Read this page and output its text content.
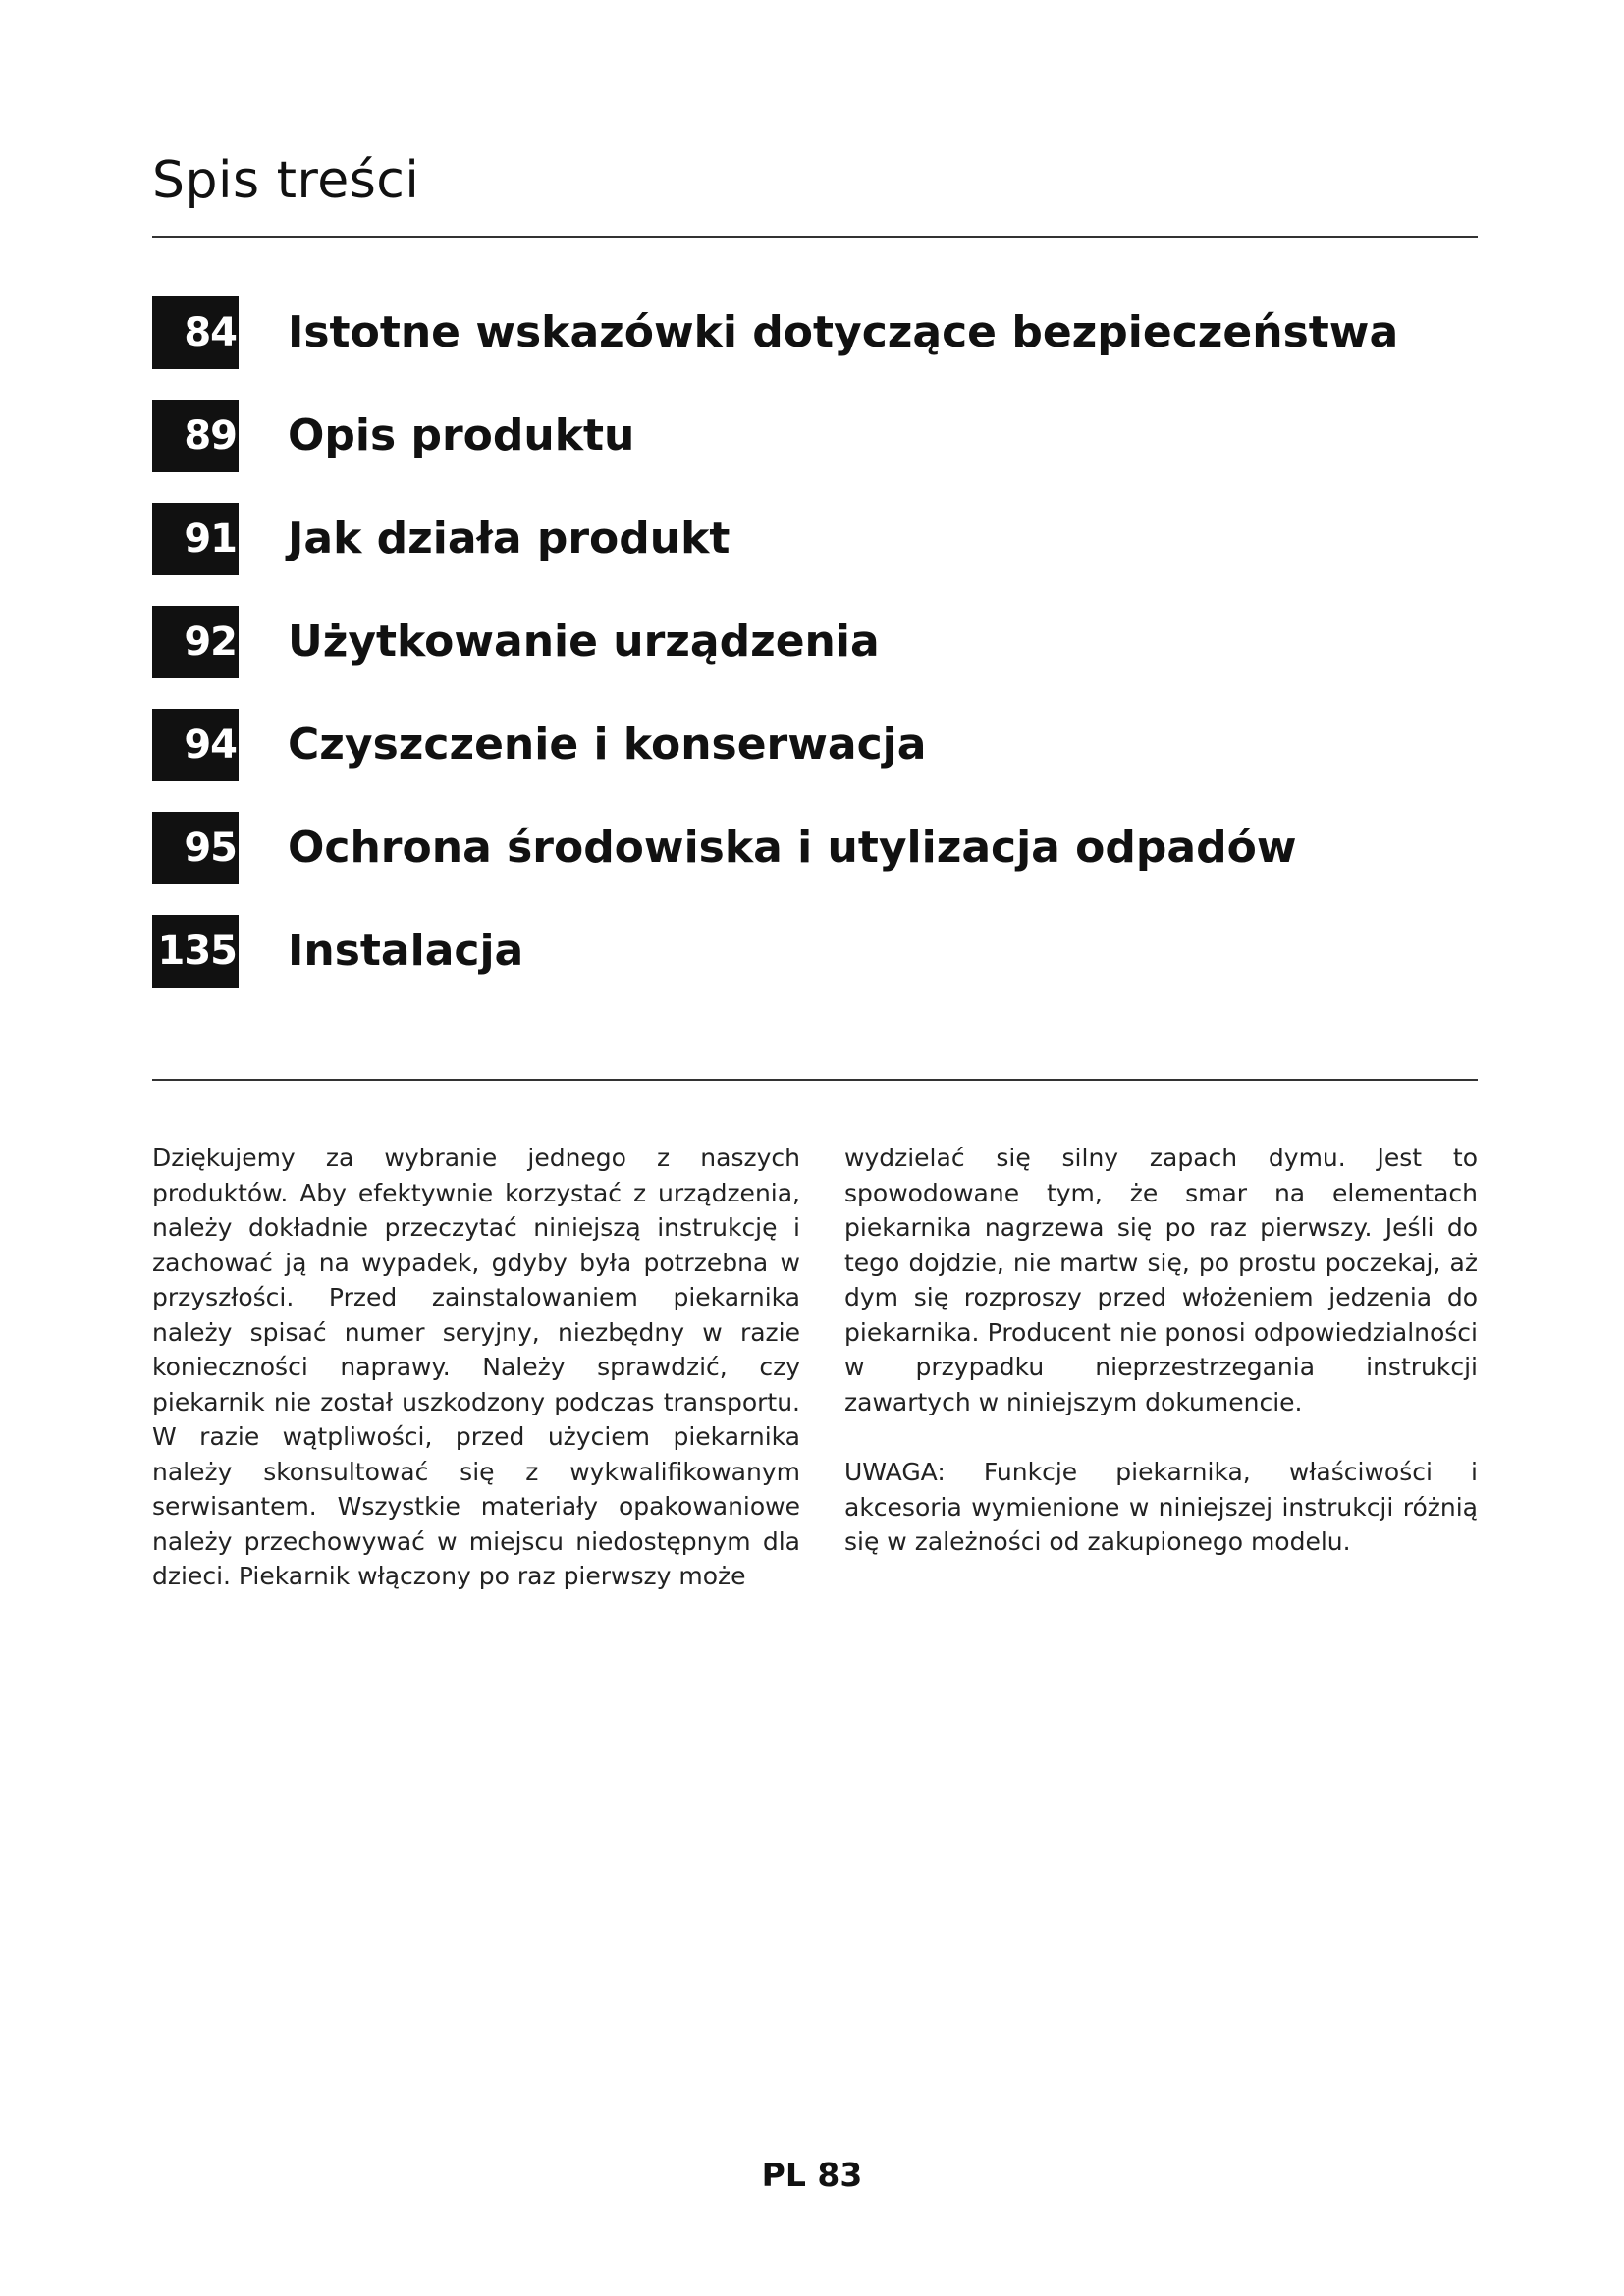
Spis treści
84 Istotne wskazówki dotyczące bezpieczeństwa
89 Opis produktu
91 Jak działa produkt
92 Użytkowanie urządzenia
94 Czyszczenie i konserwacja
95 Ochrona środowiska i utylizacja odpadów
135 Instalacja

Dziękujemy za wybranie jednego z naszych produktów. Aby efektywnie korzystać z urządzenia, należy dokładnie przeczytać niniejszą instrukcję i zachować ją na wypadek, gdyby była potrzebna w przyszłości. Przed zainstalowaniem piekarnika należy spisać numer seryjny, niezbędny w razie konieczności naprawy. Należy sprawdzić, czy piekarnik nie został uszkodzony podczas transportu. W razie wątpliwości, przed użyciem piekarnika należy skonsultować się z wykwalifikowanym serwisantem. Wszystkie materiały opakowaniowe należy przechowywać w miejscu niedostępnym dla dzieci. Piekarnik włączony po raz pierwszy może

wydzielać się silny zapach dymu. Jest to spowodowane tym, że smar na elementach piekarnika nagrzewa się po raz pierwszy. Jeśli do tego dojdzie, nie martw się, po prostu poczekaj, aż dym się rozproszy przed włożeniem jedzenia do piekarnika. Producent nie ponosi odpowiedzialności w przypadku nieprzestrzegania instrukcji zawartych w niniejszym dokumencie.

UWAGA: Funkcje piekarnika, właściwości i akcesoria wymienione w niniejszej instrukcji różnią się w zależności od zakupionego modelu.

PL 83
